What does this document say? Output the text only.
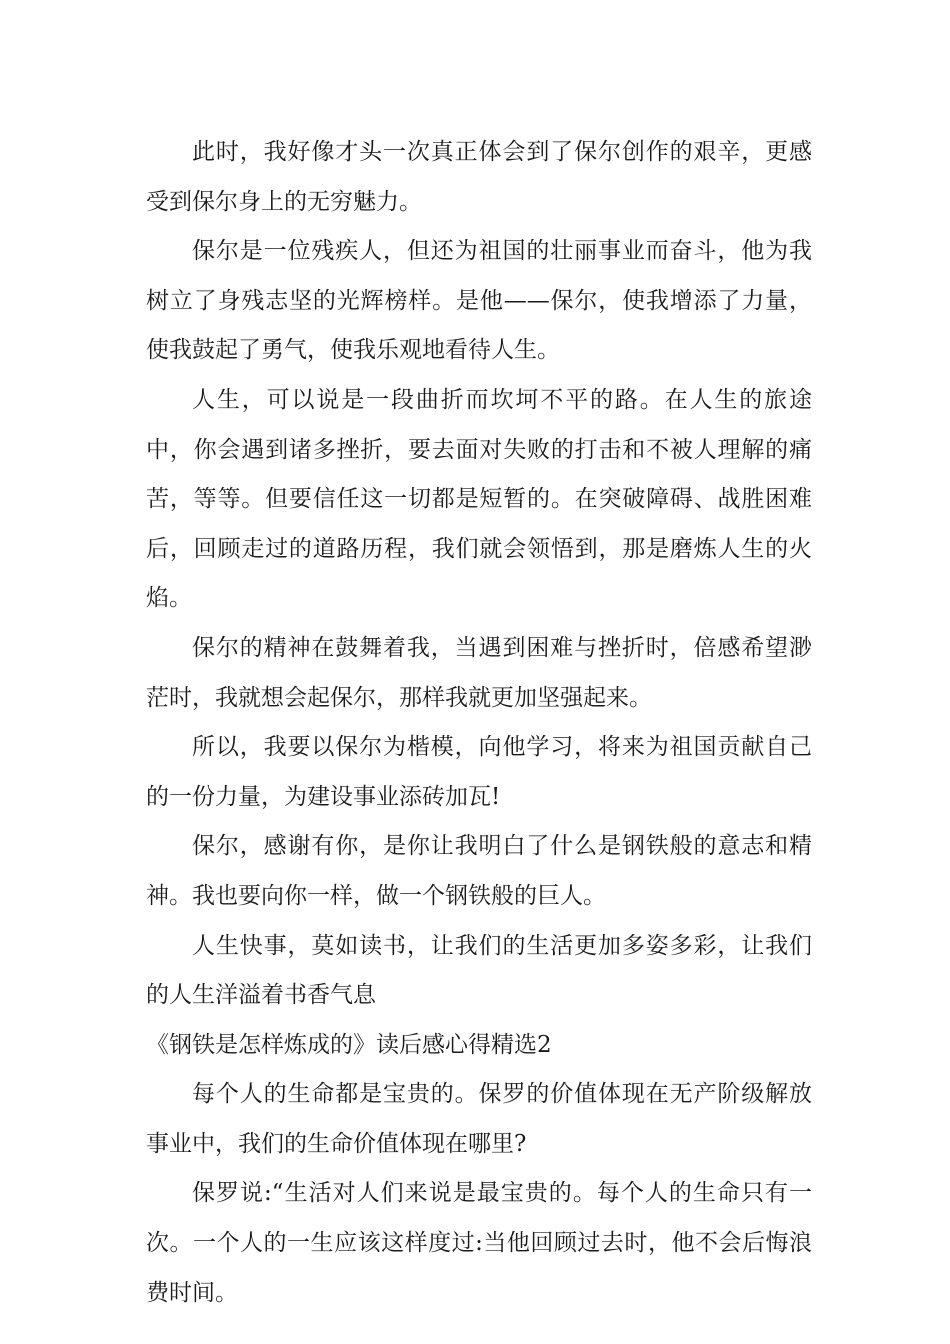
此时，我好像才头一次真正体会到了保尔创作的艰辛，更感受到保尔身上的无穷魅力。

保尔是一位残疾人，但还为祖国的壮丽事业而奋斗，他为我树立了身残志坚的光辉榜样。是他——保尔，使我增添了力量，使我鼓起了勇气，使我乐观地看待人生。

人生，可以说是一段曲折而坎坷不平的路。在人生的旅途中，你会遇到诸多挫折，要去面对失败的打击和不被人理解的痛苦，等等。但要信任这一切都是短暂的。在突破障碍、战胜困难后，回顾走过的道路历程，我们就会领悟到，那是磨炼人生的火焰。

保尔的精神在鼓舞着我，当遇到困难与挫折时，倍感希望渺茫时，我就想会起保尔，那样我就更加坚强起来。

所以，我要以保尔为楷模，向他学习，将来为祖国贡献自己的一份力量，为建设事业添砖加瓦!

保尔，感谢有你，是你让我明白了什么是钢铁般的意志和精神。我也要向你一样，做一个钢铁般的巨人。

人生快事，莫如读书，让我们的生活更加多姿多彩，让我们的人生洋溢着书香气息

《钢铁是怎样炼成的》读后感心得精选2

每个人的生命都是宝贵的。保罗的价值体现在无产阶级解放事业中，我们的生命价值体现在哪里?

保罗说:“生活对人们来说是最宝贵的。每个人的生命只有一次。一个人的一生应该这样度过:当他回顾过去时，他不会后悔浪费时间。
